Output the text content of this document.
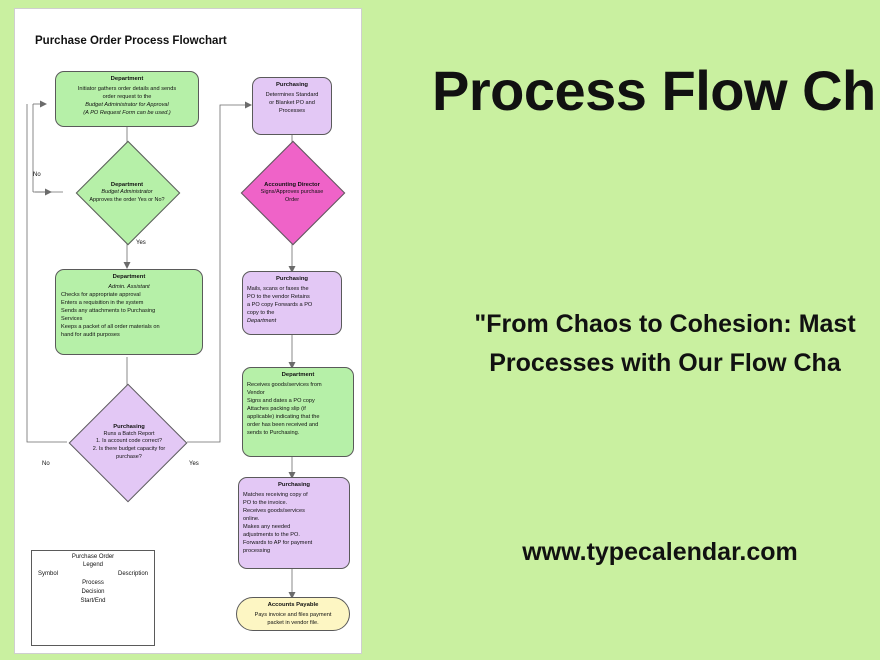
Purchase Order Process Flowchart
Department
Initiator gathers order details and sends
order request to the
Budget Administrator for Approval
(A PO Request Form can be used.)
Purchasing
Determines Standard
or Blanket PO and
Processes
Department
Budget Administrator
Approves the order Yes or No?
Accounting Director
Signs/Approves purchase
Order
Department
Admin. Assistant
Checks for appropriate approval
Enters a requisition in the system
Sends any attachments to Purchasing
Services
Keeps a packet of all order materials on
hand for audit purposes
Purchasing
Mails, scans or faxes the
PO to the vendor Retains
a PO copy Forwards a PO
copy to the
Department
Purchasing
Runs a Batch Report
1. Is account code correct?
2. Is there budget capacity for
purchase?
Department
Receives goods/services from
Vendor
Signs and dates a PO copy
Attaches packing slip (if
applicable) indicating that the
order has been received and
sends to Purchasing.
Purchasing
Matches receiving copy of
PO to the invoice.
Receives goods/services
online.
Makes any needed
adjustments to the PO.
Forwards to AP for payment
processing
Accounts Payable
Pays invoice and files payment
packet in vendor file.
No
Yes
No	Yes
Purchase Order
Legend
Symbol	Description
Process
Decision
Start/End
Process Flow Ch
"From Chaos to Cohesion: Mast
Processes with Our Flow Cha
www.typecalendar.com
